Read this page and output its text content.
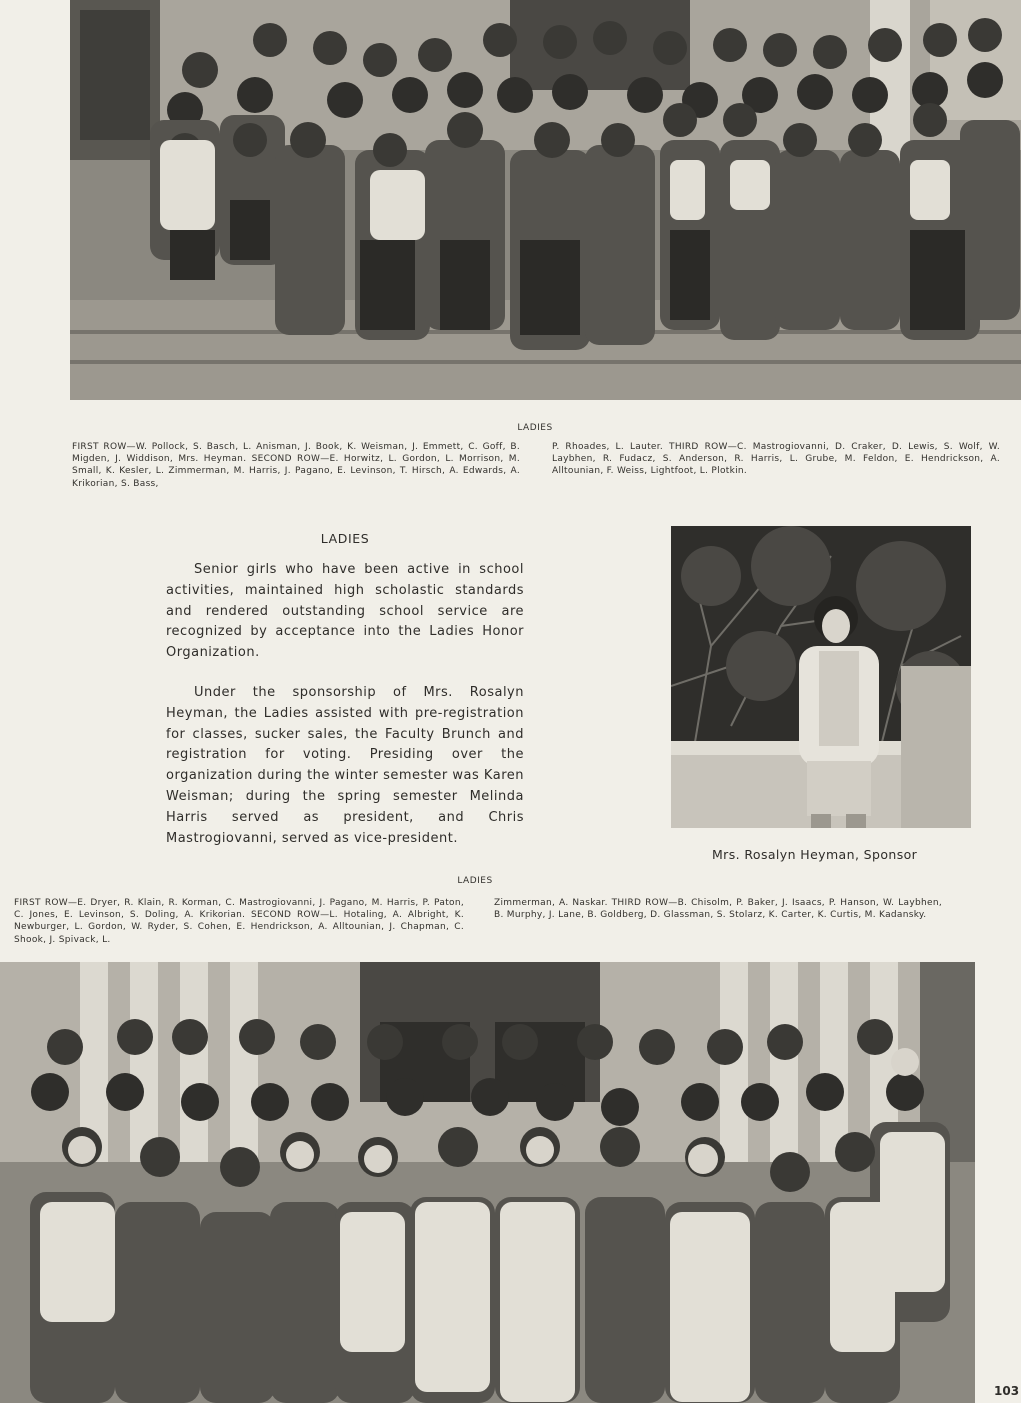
LADIES
FIRST ROW—W. Pollock, S. Basch, L. Anisman, J. Book, K. Weisman, J. Emmett, C. Goff, B. Migden, J. Widdison, Mrs. Heyman. SECOND ROW—E. Horwitz, L. Gordon, L. Morrison, M. Small, K. Kesler, L. Zimmerman, M. Harris, J. Pagano, E. Levinson, T. Hirsch, A. Edwards, A. Krikorian, S. Bass,
P. Rhoades, L. Lauter. THIRD ROW—C. Mastrogiovanni, D. Craker, D. Lewis, S. Wolf, W. Laybhen, R. Fudacz, S. Anderson, R. Harris, L. Grube, M. Feldon, E. Hendrickson, A. Alltounian, F. Weiss, Lightfoot, L. Plotkin.
LADIES

Senior girls who have been active in school activities, maintained high scholastic standards and rendered outstanding school service are recognized by acceptance into the Ladies Honor Organization.

Under the sponsorship of Mrs. Rosalyn Heyman, the Ladies assisted with pre-registration for classes, sucker sales, the Faculty Brunch and registration for voting. Presiding over the organization during the winter semester was Karen Weisman; during the spring semester Melinda Harris served as president, and Chris Mastrogiovanni, served as vice-president.

Mrs. Rosalyn Heyman, Sponsor
LADIES
FIRST ROW—E. Dryer, R. Klain, R. Korman, C. Mastrogiovanni, J. Pagano, M. Harris, P. Paton, C. Jones, E. Levinson, S. Doling, A. Krikorian. SECOND ROW—L. Hotaling, A. Albright, K. Newburger, L. Gordon, W. Ryder, S. Cohen, E. Hendrickson, A. Alltounian, J. Chapman, C. Shook, J. Spivack, L.
Zimmerman, A. Naskar. THIRD ROW—B. Chisolm, P. Baker, J. Isaacs, P. Hanson, W. Laybhen, B. Murphy, J. Lane, B. Goldberg, D. Glassman, S. Stolarz, K. Carter, K. Curtis, M. Kadansky.
103
